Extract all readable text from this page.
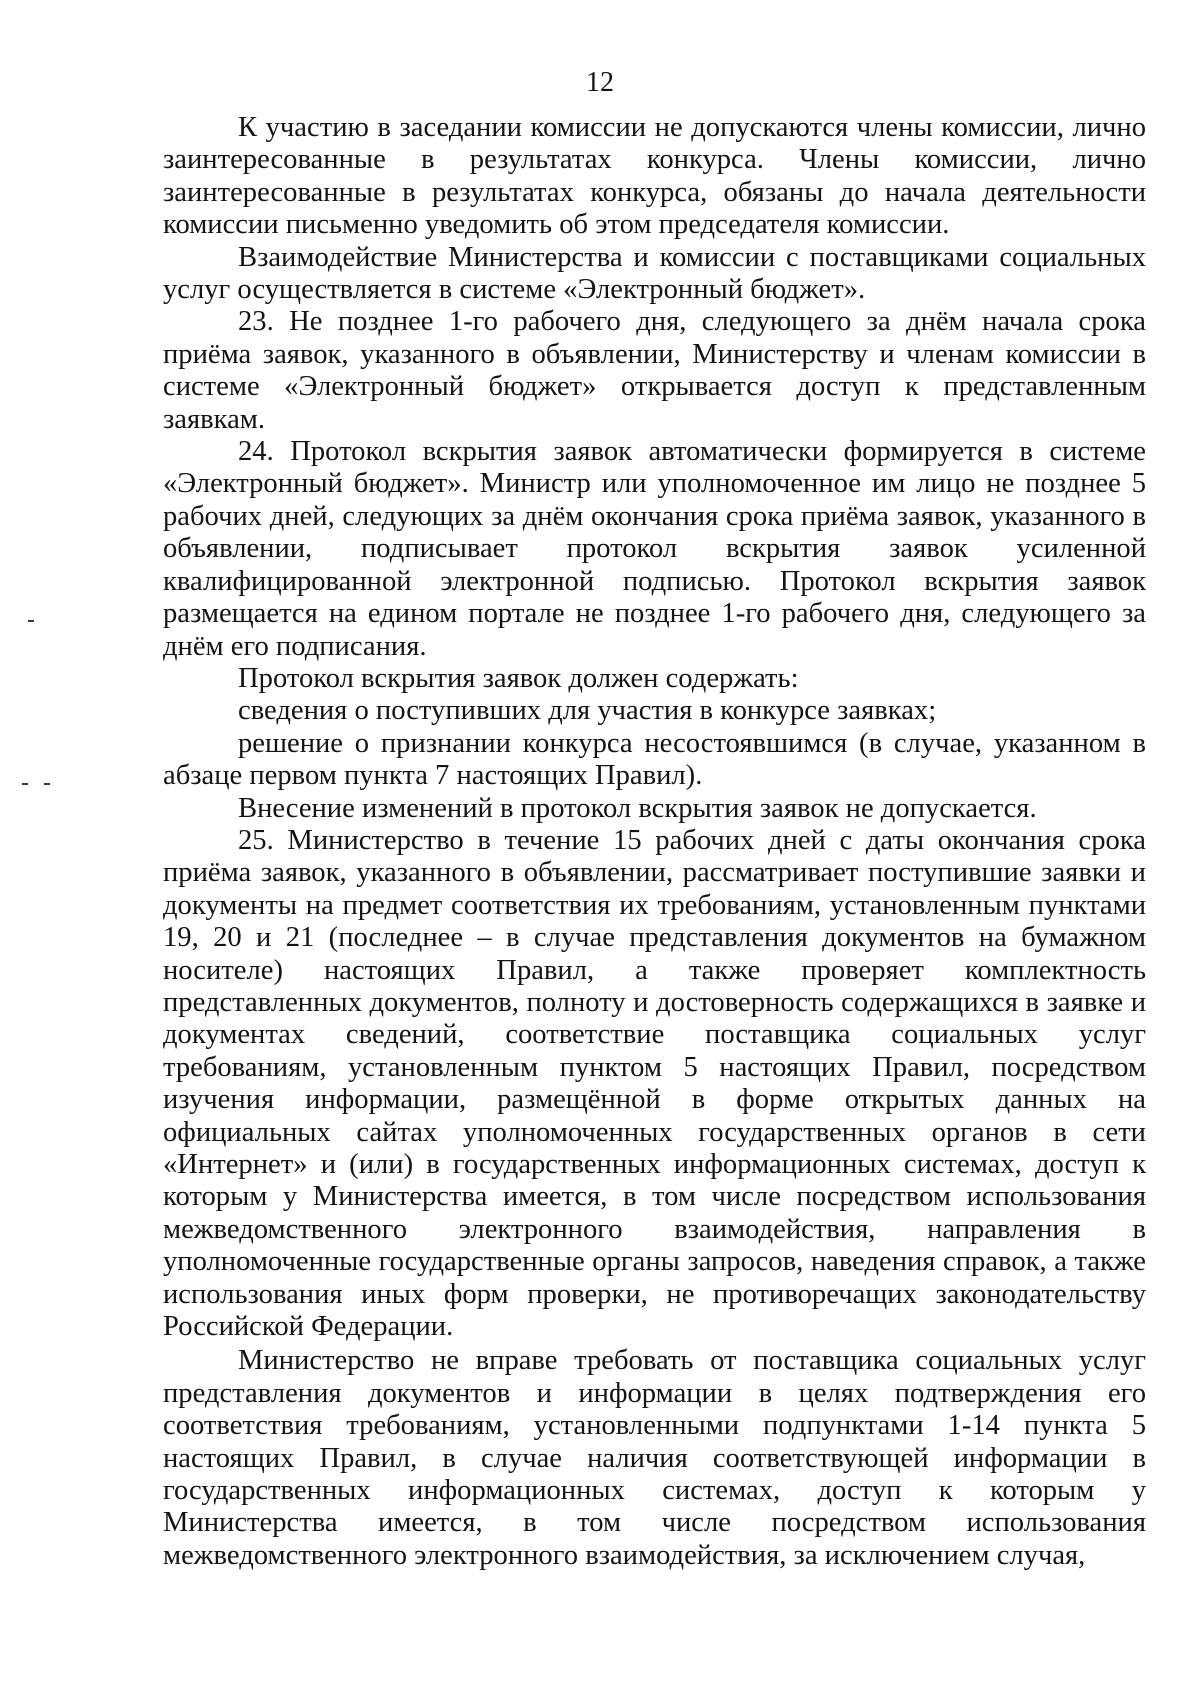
12

К участию в заседании комиссии не допускаются члены комиссии, лично заинтересованные в результатах конкурса. Члены комиссии, лично заинтересованные в результатах конкурса, обязаны до начала деятельности комиссии письменно уведомить об этом председателя комиссии.

Взаимодействие Министерства и комиссии с поставщиками социальных услуг осуществляется в системе «Электронный бюджет».

23. Не позднее 1-го рабочего дня, следующего за днём начала срока приёма заявок, указанного в объявлении, Министерству и членам комиссии в системе «Электронный бюджет» открывается доступ к представленным заявкам.

24. Протокол вскрытия заявок автоматически формируется в системе «Электронный бюджет». Министр или уполномоченное им лицо не позднее 5 рабочих дней, следующих за днём окончания срока приёма заявок, указанного в объявлении, подписывает протокол вскрытия заявок усиленной квалифицированной электронной подписью. Протокол вскрытия заявок размещается на едином портале не позднее 1-го рабочего дня, следующего за днём его подписания.

Протокол вскрытия заявок должен содержать:

сведения о поступивших для участия в конкурсе заявках;

решение о признании конкурса несостоявшимся (в случае, указанном в абзаце первом пункта 7 настоящих Правил).

Внесение изменений в протокол вскрытия заявок не допускается.

25. Министерство в течение 15 рабочих дней с даты окончания срока приёма заявок, указанного в объявлении, рассматривает поступившие заявки и документы на предмет соответствия их требованиям, установленным пунктами 19, 20 и 21 (последнее – в случае представления документов на бумажном носителе) настоящих Правил, а также проверяет комплектность представленных документов, полноту и достоверность содержащихся в заявке и документах сведений, соответствие поставщика социальных услуг требованиям, установленным пунктом 5 настоящих Правил, посредством изучения информации, размещённой в форме открытых данных на официальных сайтах уполномоченных государственных органов в сети «Интернет» и (или) в государственных информационных системах, доступ к которым у Министерства имеется, в том числе посредством использования межведомственного электронного взаимодействия, направления в уполномоченные государственные органы запросов, наведения справок, а также использования иных форм проверки, не противоречащих законодательству Российской Федерации.

Министерство не вправе требовать от поставщика социальных услуг представления документов и информации в целях подтверждения его соответствия требованиям, установленными подпунктами 1-14 пункта 5 настоящих Правил, в случае наличия соответствующей информации в государственных информационных системах, доступ к которым у Министерства имеется, в том числе посредством использования межведомственного электронного взаимодействия, за исключением случая,
